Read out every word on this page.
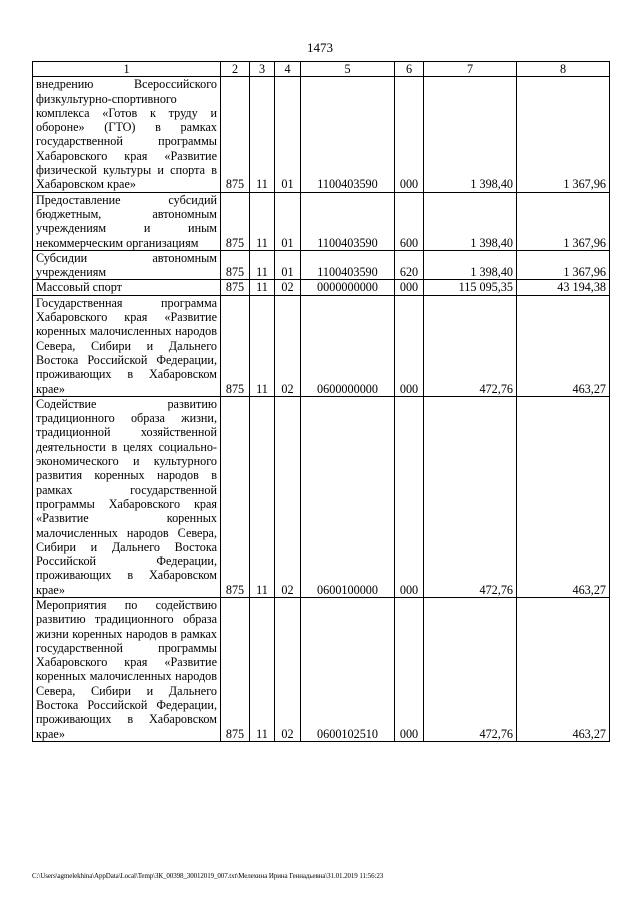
1473
1	2	3	4	5	6	7	8
внедрению Всероссийского физкультурно-спортивного комплекса «Готов к труду и обороне» (ГТО) в рамках государственной программы Хабаровского края «Развитие физической культуры и спорта в Хабаровском крае»	875	11	01	1100403590	000	1 398,40	1 367,96
Предоставление субсидий бюджетным, автономным учреждениям и иным некоммерческим организациям	875	11	01	1100403590	600	1 398,40	1 367,96
Субсидии автономным учреждениям	875	11	01	1100403590	620	1 398,40	1 367,96
Массовый спорт	875	11	02	0000000000	000	115 095,35	43 194,38
Государственная программа Хабаровского края «Развитие коренных малочисленных народов Севера, Сибири и Дальнего Востока Российской Федерации, проживающих в Хабаровском крае»	875	11	02	0600000000	000	472,76	463,27
Содействие развитию традиционного образа жизни, традиционной хозяйственной деятельности в целях социально-экономического и культурного развития коренных народов в рамках государственной программы Хабаровского края «Развитие коренных малочисленных народов Севера, Сибири и Дальнего Востока Российской Федерации, проживающих в Хабаровском крае»	875	11	02	0600100000	000	472,76	463,27
Мероприятия по содействию развитию традиционного образа жизни коренных народов в рамках государственной программы Хабаровского края «Развитие коренных малочисленных народов Севера, Сибири и Дальнего Востока Российской Федерации, проживающих в Хабаровском крае»	875	11	02	0600102510	000	472,76	463,27
C:\Users\agmelekhina\AppData\Local\Temp\ЗК_00398_30012019_007.txt\Мелехина Ирина Геннадьевна\31.01.2019 11:56:23
